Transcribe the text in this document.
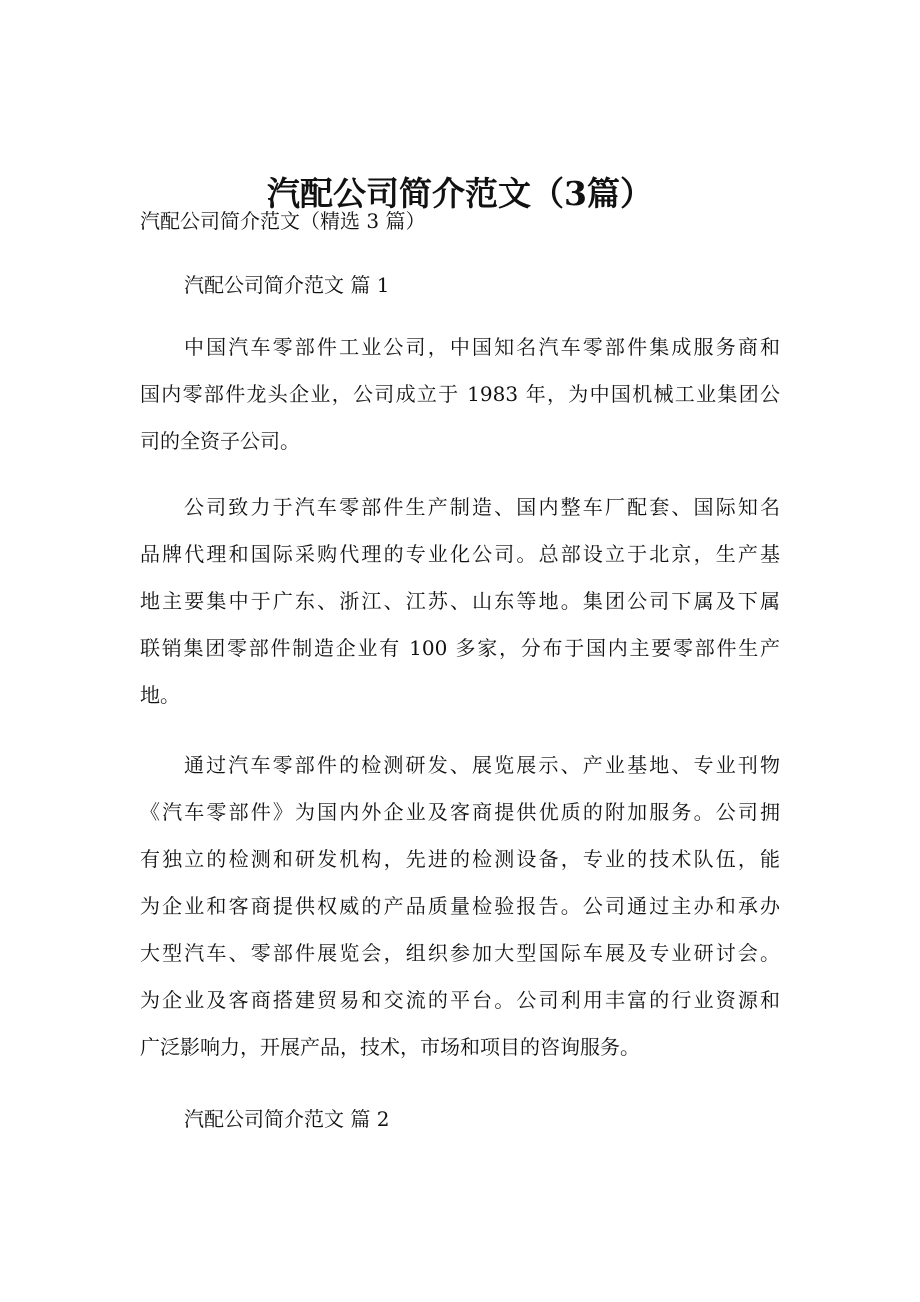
汽配公司简介范文（3篇）
汽配公司简介范文（精选 3 篇）
汽配公司简介范文 篇 1

中国汽车零部件工业公司，中国知名汽车零部件集成服务商和
国内零部件龙头企业，公司成立于 1983 年，为中国机械工业集团公
司的全资子公司。

公司致力于汽车零部件生产制造、国内整车厂配套、国际知名
品牌代理和国际采购代理的专业化公司。总部设立于北京，生产基
地主要集中于广东、浙江、江苏、山东等地。集团公司下属及下属
联销集团零部件制造企业有 100 多家，分布于国内主要零部件生产
地。

通过汽车零部件的检测研发、展览展示、产业基地、专业刊物
《汽车零部件》为国内外企业及客商提供优质的附加服务。公司拥
有独立的检测和研发机构，先进的检测设备，专业的技术队伍，能
为企业和客商提供权威的产品质量检验报告。公司通过主办和承办
大型汽车、零部件展览会，组织参加大型国际车展及专业研讨会。
为企业及客商搭建贸易和交流的平台。公司利用丰富的行业资源和
广泛影响力，开展产品，技术，市场和项目的咨询服务。

汽配公司简介范文 篇 2
